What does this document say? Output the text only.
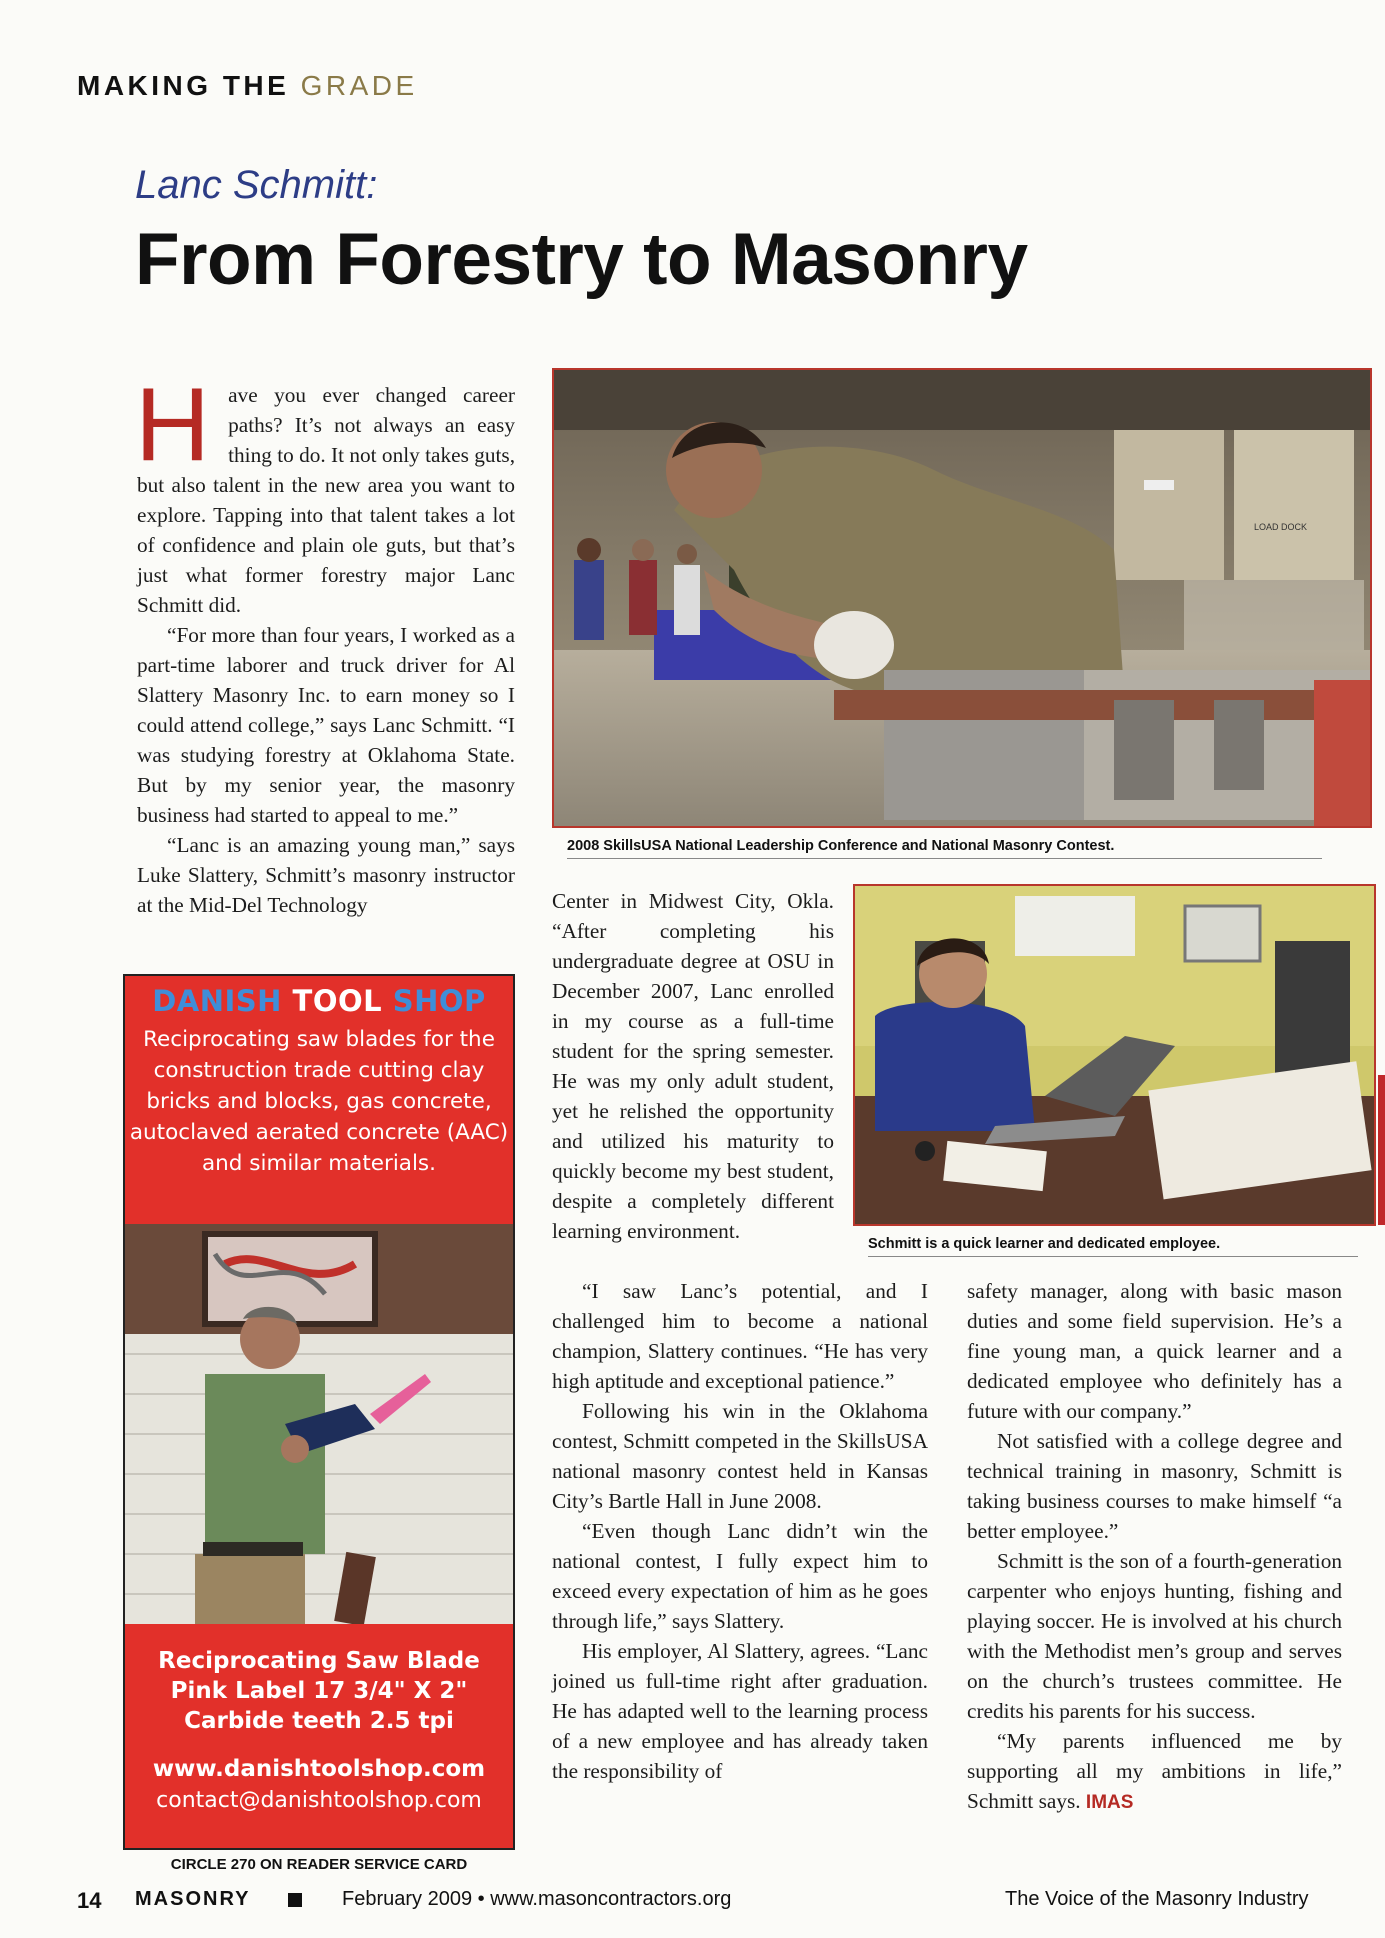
MAKING THE GRADE
Lanc Schmitt:
From Forestry to Masonry

Have you ever changed career paths? It’s not always an easy thing to do. It not only takes guts, but also talent in the new area you want to explore. Tapping into that talent takes a lot of confidence and plain ole guts, but that’s just what former forestry major Lanc Schmitt did.

“For more than four years, I worked as a part-time laborer and truck driver for Al Slattery Masonry Inc. to earn money so I could attend college,” says Lanc Schmitt. “I was studying forestry at Oklahoma State. But by my senior year, the masonry business had started to appeal to me.”

“Lanc is an amazing young man,” says Luke Slattery, Schmitt’s masonry instructor at the Mid-Del Technology

LOAD DOCK
2008 SkillsUSA National Leadership Conference and National Masonry Contest.

Center in Midwest City, Okla. “After completing his undergraduate degree at OSU in December 2007, Lanc enrolled in my course as a full-time student for the spring semester. He was my only adult student, yet he relished the opportunity and utilized his maturity to quickly become my best student, despite a completely different learning environment.

Schmitt is a quick learner and dedicated employee.

“I saw Lanc’s potential, and I challenged him to become a national champion, Slattery continues. “He has very high aptitude and exceptional patience.”

Following his win in the Oklahoma contest, Schmitt competed in the SkillsUSA national masonry contest held in Kansas City’s Bartle Hall in June 2008.

“Even though Lanc didn’t win the national contest, I fully expect him to exceed every expectation of him as he goes through life,” says Slattery.

His employer, Al Slattery, agrees. “Lanc joined us full-time right after graduation. He has adapted well to the learning process of a new employee and has already taken the responsibility of

safety manager, along with basic mason duties and some field supervision. He’s a fine young man, a quick learner and a dedicated employee who definitely has a future with our company.”

Not satisfied with a college degree and technical training in masonry, Schmitt is taking business courses to make himself “a better employee.”

Schmitt is the son of a fourth-generation carpenter who enjoys hunting, fishing and playing soccer. He is involved at his church with the Methodist men’s group and serves on the church’s trustees committee. He credits his parents for his success.

“My parents influenced me by supporting all my ambitions in life,” Schmitt says. IMAS

DANISH TOOL SHOP
Reciprocating saw blades for the construction trade cutting clay bricks and blocks, gas concrete, autoclaved aerated concrete (AAC) and similar materials.
Reciprocating Saw Blade
Pink Label 17 3/4" X 2"
Carbide teeth 2.5 tpi
www.danishtoolshop.com
contact@danishtoolshop.com
CIRCLE 270 ON READER SERVICE CARD
14 MASONRY	February 2009 • www.masoncontractors.org	The Voice of the Masonry Industry
